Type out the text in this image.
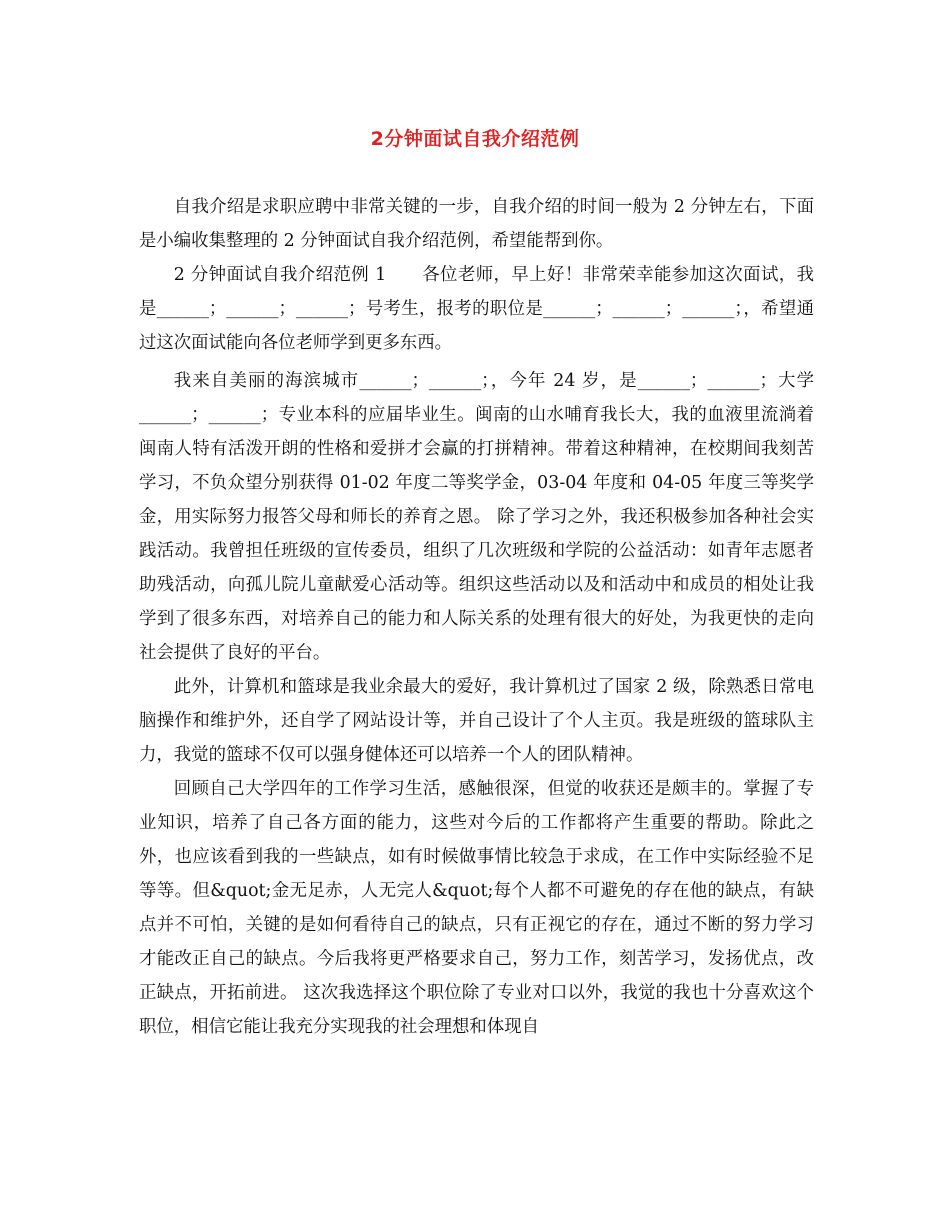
2分钟面试自我介绍范例

自我介绍是求职应聘中非常关键的一步，自我介绍的时间一般为 2 分钟左右，下面是小编收集整理的 2 分钟面试自我介绍范例，希望能帮到你。

2 分钟面试自我介绍范例 1　　各位老师，早上好！非常荣幸能参加这次面试，我是______；______；______；号考生，报考的职位是______；______；______；，希望通过这次面试能向各位老师学到更多东西。

我来自美丽的海滨城市______；______；，今年 24 岁，是______；______；大学______；______；专业本科的应届毕业生。闽南的山水哺育我长大，我的血液里流淌着闽南人特有活泼开朗的性格和爱拼才会赢的打拼精神。带着这种精神，在校期间我刻苦学习，不负众望分别获得 01-02 年度二等奖学金，03-04 年度和 04-05 年度三等奖学金，用实际努力报答父母和师长的养育之恩。 除了学习之外，我还积极参加各种社会实践活动。我曾担任班级的宣传委员，组织了几次班级和学院的公益活动：如青年志愿者助残活动，向孤儿院儿童献爱心活动等。组织这些活动以及和活动中和成员的相处让我学到了很多东西，对培养自己的能力和人际关系的处理有很大的好处，为我更快的走向社会提供了良好的平台。

此外，计算机和篮球是我业余最大的爱好，我计算机过了国家 2 级，除熟悉日常电脑操作和维护外，还自学了网站设计等，并自己设计了个人主页。我是班级的篮球队主力，我觉的篮球不仅可以强身健体还可以培养一个人的团队精神。

回顾自己大学四年的工作学习生活，感触很深，但觉的收获还是颇丰的。掌握了专业知识，培养了自己各方面的能力，这些对今后的工作都将产生重要的帮助。除此之外，也应该看到我的一些缺点，如有时候做事情比较急于求成，在工作中实际经验不足等等。但&quot;金无足赤，人无完人&quot;每个人都不可避免的存在他的缺点，有缺点并不可怕，关键的是如何看待自己的缺点，只有正视它的存在，通过不断的努力学习才能改正自己的缺点。今后我将更严格要求自己，努力工作，刻苦学习，发扬优点，改正缺点，开拓前进。 这次我选择这个职位除了专业对口以外，我觉的我也十分喜欢这个职位，相信它能让我充分实现我的社会理想和体现自
